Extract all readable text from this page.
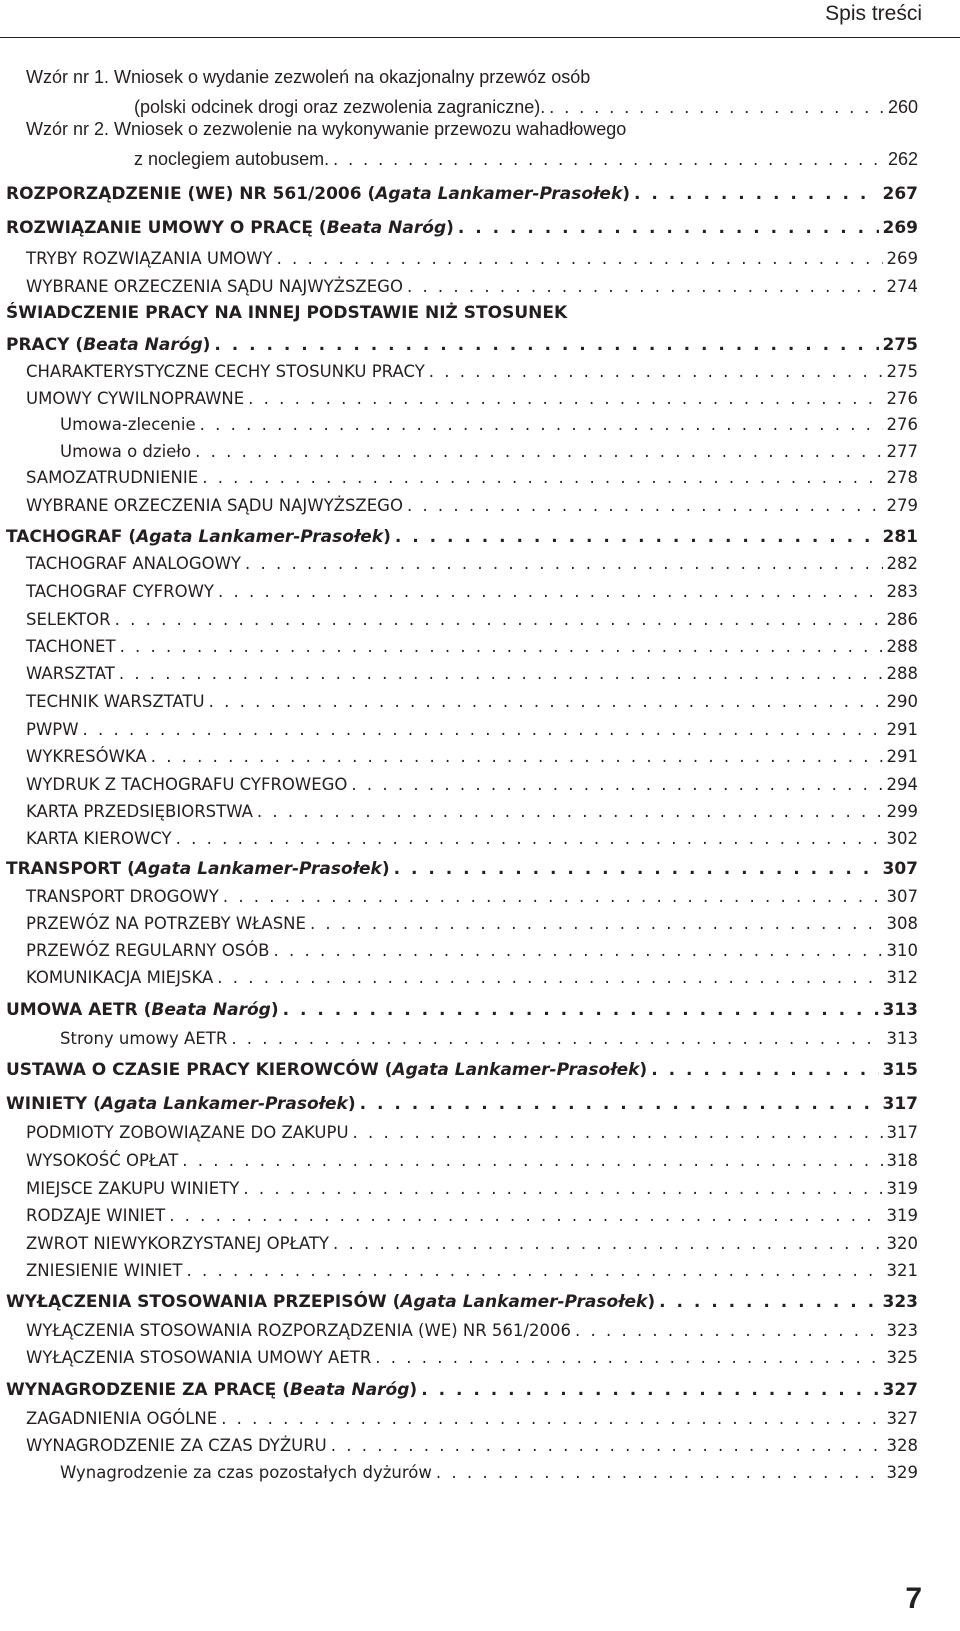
Spis treści
Wzór nr 1. Wniosek o wydanie zezwoleń na okazjonalny przewóz osób
(polski odcinek drogi oraz zezwolenia zagraniczne). . . .	260
Wzór nr 2. Wniosek o zezwolenie na wykonywanie przewozu wahadłowego
z noclegiem autobusem. . . .	262
ROZPORZĄDZENIE (WE) NR 561/2006 (Agata Lankamer-Prasołek) . . .	267
ROZWIĄZANIE UMOWY O PRACĘ (Beata Naróg) . . .	269
TRYBY ROZWIĄZANIA UMOWY . . .	269
WYBRANE ORZECZENIA SĄDU NAJWYŻSZEGO . . .	274
ŚWIADCZENIE PRACY NA INNEJ PODSTAWIE NIŻ STOSUNEK
PRACY (Beata Naróg) . . .	275
CHARAKTERYSTYCZNE CECHY STOSUNKU PRACY . . .	275
UMOWY CYWILNOPRAWNE . . .	276
Umowa-zlecenie . . .	276
Umowa o dzieło . . .	277
SAMOZATRUDNIENIE . . .	278
WYBRANE ORZECZENIA SĄDU NAJWYŻSZEGO . . .	279
TACHOGRAF (Agata Lankamer-Prasołek) . . .	281
TACHOGRAF ANALOGOWY . . .	282
TACHOGRAF CYFROWY . . .	283
SELEKTOR . . .	286
TACHONET . . .	288
WARSZTAT . . .	288
TECHNIK WARSZTATU . . .	290
PWPW . . .	291
WYKRESÓWKA . . .	291
WYDRUK Z TACHOGRAFU CYFROWEGO . . .	294
KARTA PRZEDSIĘBIORSTWA . . .	299
KARTA KIEROWCY . . .	302
TRANSPORT (Agata Lankamer-Prasołek) . . .	307
TRANSPORT DROGOWY . . .	307
PRZEWÓZ NA POTRZEBY WŁASNE . . .	308
PRZEWÓZ REGULARNY OSÓB . . .	310
KOMUNIKACJA MIEJSKA . . .	312
UMOWA AETR (Beata Naróg) . . .	313
Strony umowy AETR . . .	313
USTAWA O CZASIE PRACY KIEROWCÓW (Agata Lankamer-Prasołek) . . .	315
WINIETY (Agata Lankamer-Prasołek) . . .	317
PODMIOTY ZOBOWIĄZANE DO ZAKUPU . . .	317
WYSOKOŚĆ OPŁAT . . .	318
MIEJSCE ZAKUPU WINIETY . . .	319
RODZAJE WINIET . . .	319
ZWROT NIEWYKORZYSTANEJ OPŁATY . . .	320
ZNIESIENIE WINIET . . .	321
WYŁĄCZENIA STOSOWANIA PRZEPISÓW (Agata Lankamer-Prasołek) . . .	323
WYŁĄCZENIA STOSOWANIA ROZPORZĄDZENIA (WE) NR 561/2006 . . .	323
WYŁĄCZENIA STOSOWANIA UMOWY AETR . . .	325
WYNAGRODZENIE ZA PRACĘ (Beata Naróg) . . .	327
ZAGADNIENIA OGÓLNE . . .	327
WYNAGRODZENIE ZA CZAS DYŻURU . . .	328
Wynagrodzenie za czas pozostałych dyżurów . . .	329
7
